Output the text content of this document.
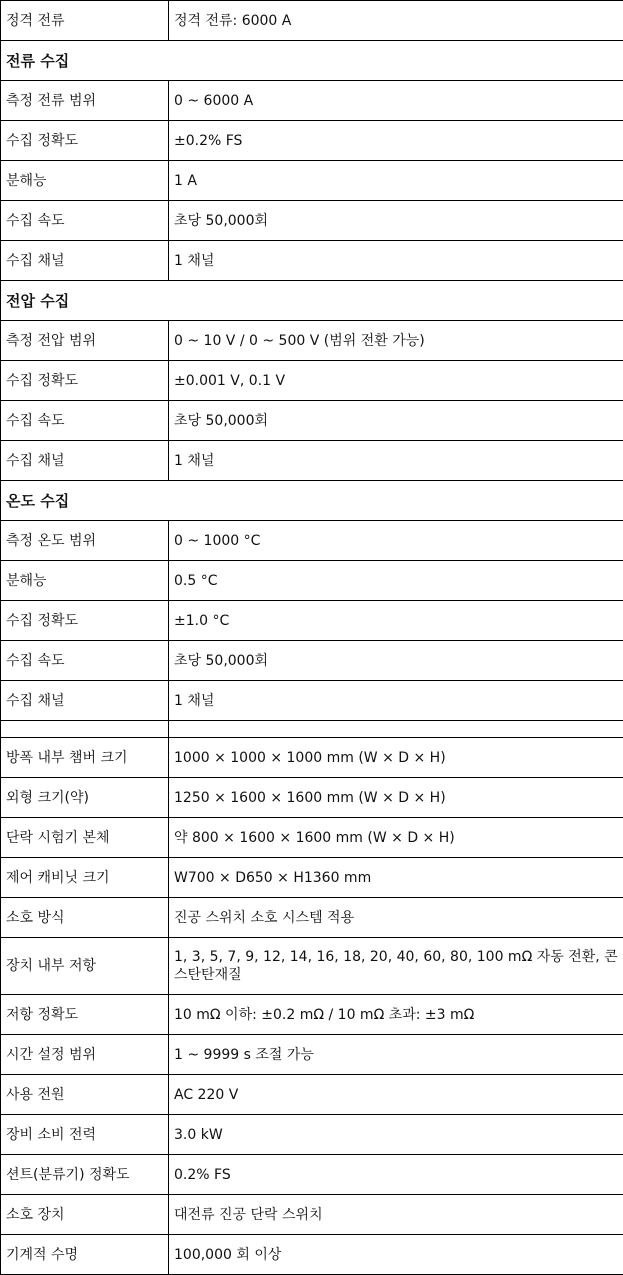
정격 전류	정격 전류: 6000 A
전류 수집	
측정 전류 범위	0 ~ 6000 A
수집 정확도	±0.2% FS
분해능	1 A
수집 속도	초당 50,000회
수집 채널	1 채널
전압 수집	
측정 전압 범위	0 ~ 10 V / 0 ~ 500 V (범위 전환 가능)
수집 정확도	±0.001 V, 0.1 V
수집 속도	초당 50,000회
수집 채널	1 채널
온도 수집	
측정 온도 범위	0 ~ 1000 °C
분해능	0.5 °C
수집 정확도	±1.0 °C
수집 속도	초당 50,000회
수집 채널	1 채널

방폭 내부 챔버 크기	1000 × 1000 × 1000 mm (W × D × H)
외형 크기(약)	1250 × 1600 × 1600 mm (W × D × H)
단락 시험기 본체	약 800 × 1600 × 1600 mm (W × D × H)
제어 캐비닛 크기	W700 × D650 × H1360 mm
소호 방식	진공 스위치 소호 시스템 적용
장치 내부 저항	1, 3, 5, 7, 9, 12, 14, 16, 18, 20, 40, 60, 80, 100 mΩ 자동 전환, 콘스탄탄재질
저항 정확도	10 mΩ 이하: ±0.2 mΩ / 10 mΩ 초과: ±3 mΩ
시간 설정 범위	1 ~ 9999 s 조절 가능
사용 전원	AC 220 V
장비 소비 전력	3.0 kW
션트(분류기) 정확도	0.2% FS
소호 장치	대전류 진공 단락 스위치
기계적 수명	100,000 회 이상
